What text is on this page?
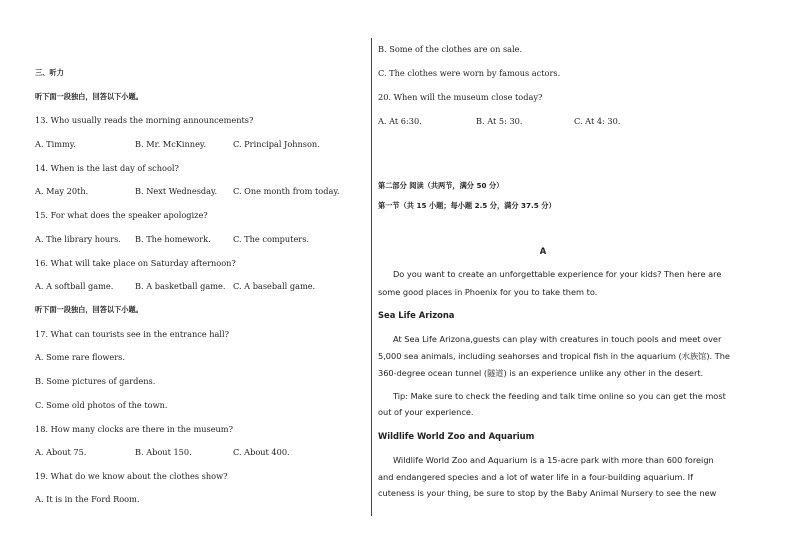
三、听力
听下面一段独白，回答以下小题。
13. Who usually reads the morning announcements?
A. Timmy.	B. Mr. McKinney.	C. Principal Johnson.
14. When is the last day of school?
A. May 20th.	B. Next Wednesday. C. One month from today.
15. For what does the speaker apologize?
A. The library hours. B. The homework.	C. The computers.
16. What will take place on Saturday afternoon?
A. A softball game.	B. A basketball game. C. A baseball game.
听下面一段独白，回答以下小题。
17. What can tourists see in the entrance hall?
A. Some rare flowers.
B. Some pictures of gardens.
C. Some old photos of the town.
18. How many clocks are there in the museum?
A. About 75.	B. About 150.	C. About 400.
19. What do we know about the clothes show?
A. It is in the Ford Room.
B. Some of the clothes are on sale.
C. The clothes were worn by famous actors.
20. When will the museum close today?
A. At 6:30.	B. At 5: 30.	C. At 4: 30.
第二部分 阅读（共两节，满分 50 分）
第一节（共 15 小题；每小题 2.5 分，满分 37.5 分）
A
Do you want to create an unforgettable experience for your kids? Then here are
some good places in Phoenix for you to take them to.
Sea Life Arizona
At Sea Life Arizona,guests can play with creatures in touch pools and meet over
5,000 sea animals, including seahorses and tropical fish in the aquarium (水族馆). The
360-degree ocean tunnel (隧道) is an experience unlike any other in the desert.
Tip: Make sure to check the feeding and talk time online so you can get the most
out of your experience.
Wildlife World Zoo and Aquarium
Wildlife World Zoo and Aquarium is a 15-acre park with more than 600 foreign
and endangered species and a lot of water life in a four-building aquarium. If
cuteness is your thing, be sure to stop by the Baby Animal Nursery to see the new
